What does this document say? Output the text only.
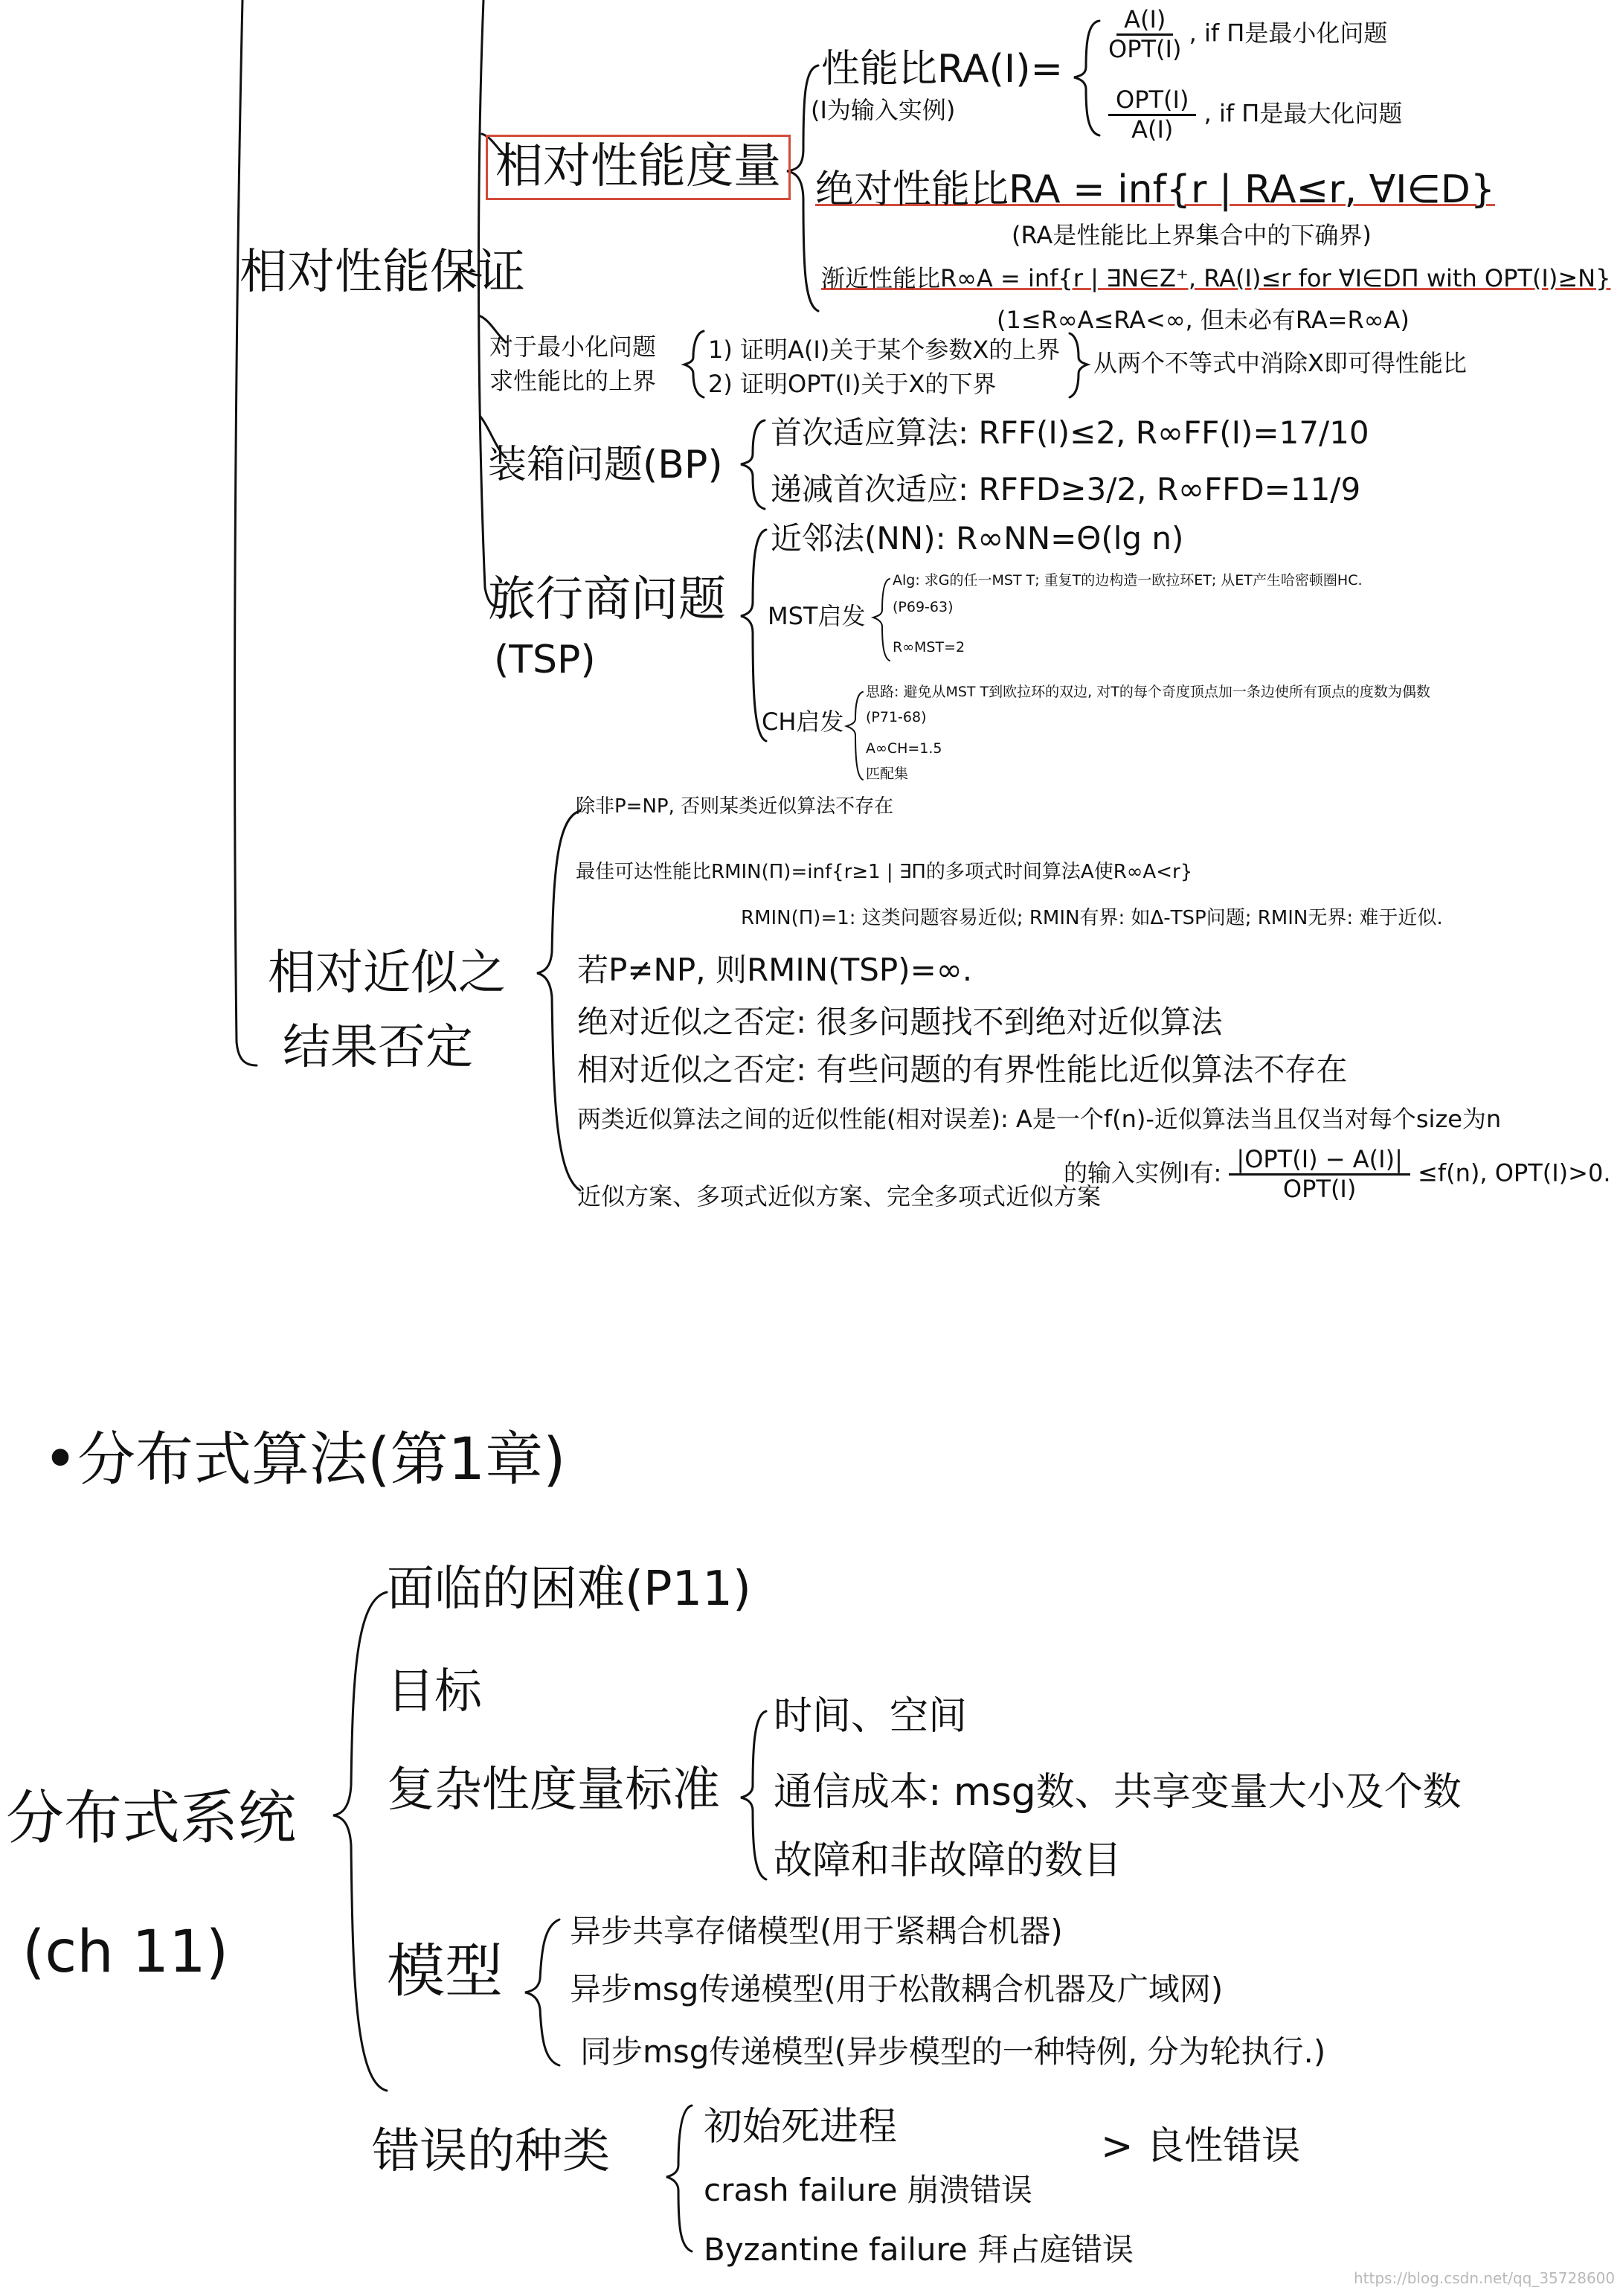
相对性能保证
相对性能度量
性能比RA(I)=
(I为输入实例)
$\frac{A(I)}{\text{OPT(I)}}$ , if Π是最小化问题
$\frac{\text{OPT(I)}}{A(I)}$ , if Π是最大化问题
绝对性能比RA = inf{r | RA≤r, ∀I∈D}
(RA是性能比上界集合中的下确界)
渐近性能比R∞A = inf{r | ∃N∈Z⁺, RA(I)≤r for ∀I∈DΠ with OPT(I)≥N}
(1≤R∞A≤RA<∞, 但未必有RA=R∞A)
对于最小化问题
求性能比的上界
1) 证明A(I)关于某个参数X的上界
2) 证明OPT(I)关于X的下界
从两个不等式中消除X即可得性能比
装箱问题(BP)
首次适应算法: RFF(I)≤2, R∞FF(I)=17/10
递减首次适应: RFFD≥3/2, R∞FFD=11/9
旅行商问题
(TSP)
近邻法(NN): R∞NN=Θ(lg n)
MST启发
Alg: 求G的任一MST T; 重复T的边构造一欧拉环ET; 从ET产生哈密顿圈HC.
(P69-63)
R∞MST=2
CH启发
思路: 避免从MST T到欧拉环的双边, 对T的每个奇度顶点加一条边使所有顶点的度数为偶数
(P71-68)
A∞CH=1.5
匹配集
相对近似之
结果否定
除非P=NP, 否则某类近似算法不存在
最佳可达性能比RMIN(Π)=inf{r≥1 | ∃Π的多项式时间算法A使R∞A<r}
RMIN(Π)=1: 这类问题容易近似; RMIN有界: 如Δ-TSP问题; RMIN无界: 难于近似.
若P≠NP, 则RMIN(TSP)=∞.
绝对近似之否定: 很多问题找不到绝对近似算法
相对近似之否定: 有些问题的有界性能比近似算法不存在
两类近似算法之间的近似性能(相对误差): A是一个f(n)-近似算法当且仅当对每个size为n
的输入实例I有: $\frac{\text{|OPT(I) − A(I)|}}{\text{OPT(I)}} \le f(n)$, OPT(I)>0.
近似方案、多项式近似方案、完全多项式近似方案
•分布式算法(第1章)
分布式系统
(ch 11)
面临的困难(P11)
目标
复杂性度量标准
时间、空间
通信成本: msg数、共享变量大小及个数
故障和非故障的数目
模型
异步共享存储模型(用于紧耦合机器)
异步msg传递模型(用于松散耦合机器及广域网)
同步msg传递模型(异步模型的一种特例, 分为轮执行.)
错误的种类 初始死进程
crash failure 崩溃错误
Byzantine failure 拜占庭错误
> 良性错误
https://blog.csdn.net/qq_35728600
